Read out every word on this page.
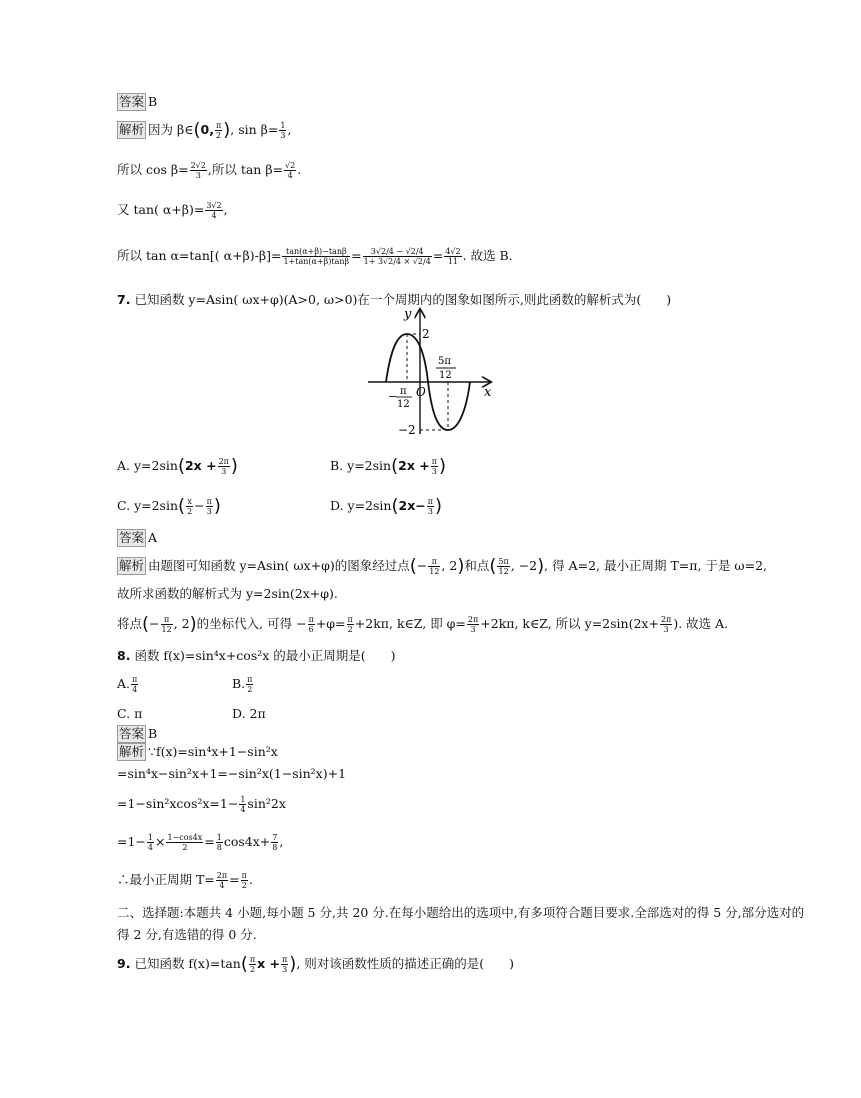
答案 B
解析 因为 β∈(0, $\frac{\pi}{2}$ ), $\sin \beta= \frac{1}{3}$ ,
所以 $\cos \beta= \frac{2√2}{3}$ ,所以 $\tan \beta= \frac{√2}{4}$ .
又 tan( $\alpha+\beta)= \frac{3√2}{4}$ ,
所以 tan α=tan[( $\alpha+\beta)-\beta]= \frac{\tan(\alpha+\beta)-\tan\beta}{1+\tan(\alpha+\beta)\tan\beta} = \frac{3√2/4 - √2/4}{1+ 3√2/4 \times √2/4} = \frac{4√2}{11}$ . 故选 B.
7. 已知函数 y=Asin( ωx+φ)(A>0, ω>0)在一个周期内的图象如图所示,则此函数的解析式为(　　)
y
x
2
−2
O
− π
12
5π
12
A. $y=2\sin(2x + \frac{2\pi}{3}$ )	B. $y=2\sin(2x + \frac{\pi}{3}$ )
C. $y=2\sin( \frac{x}{2} - \frac{\pi}{3}$ )	D. $y=2\sin(2x- \frac{\pi}{3}$ )
答案 A
解析 由题图可知函数 y=Asin( ωx+φ)的图象经过点(− $\frac{\pi}{12}$ , 2)和点( $\frac{5\pi}{12}$ , −2), 得 A=2, 最小正周期 T=π, 于是 ω=2,
故所求函数的解析式为 y=2sin(2x+φ).
将点(− $\frac{\pi}{12}$ , 2)的坐标代入, 可得 − $\frac{\pi}{6} +\varphi= \frac{\pi}{2} +2k\pi$, k∈Z, 即 $\varphi= \frac{2\pi}{3} +2k\pi$, k∈Z, 所以 $y=2\sin(2x+ \frac{2\pi}{3}$ ). 故选 A.
8. 函数 f(x)=sin⁴x+cos²x 的最小正周期是(　　)
A. $\frac{\pi}{4}$	B. $\frac{\pi}{2}$
C. π	D. 2π
答案 B
解析 ∵f(x)=sin⁴x+1−sin²x
=sin⁴x−sin²x+1=−sin²x(1−sin²x)+1
$=1-\sin^2xcos^2x=1- \frac{1}{4} \sin^22x$
$=1- \frac{1}{4} \times \frac{1-\cos 4x}{2} = \frac{1}{8} \cos 4x+ \frac{7}{8}$ ,
∴最小正周期 $T= \frac{2\pi}{4} = \frac{\pi}{2}$ .
二、选择题:本题共 4 小题,每小题 5 分,共 20 分.在每小题给出的选项中,有多项符合题目要求.全部选对的得 5 分,部分选对的得 2 分,有选错的得 0 分.
9. 已知函数 $f(x)=\tan( \frac{\pi}{2}$ $x + \frac{\pi}{3}$ ), 则对该函数性质的描述正确的是(　　)
